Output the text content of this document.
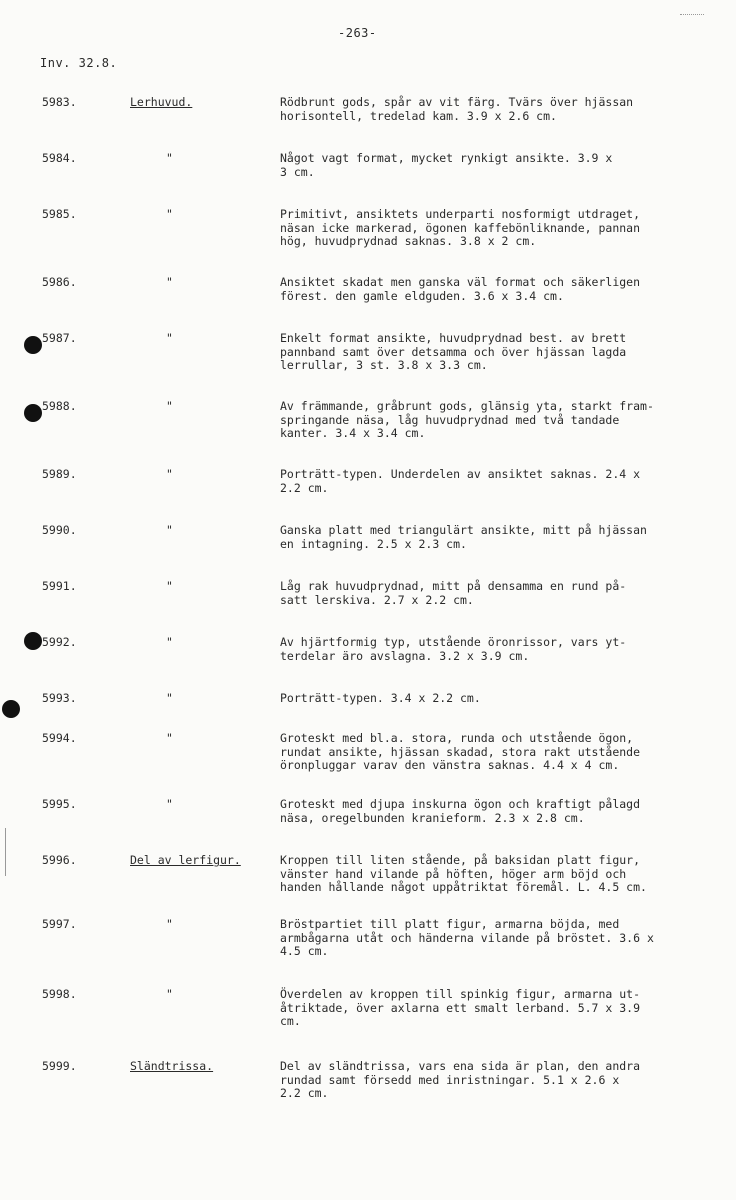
-263-
Inv. 32.8.
5983.	Lerhuvud.	Rödbrunt gods, spår av vit färg. Tvärs över hjässan
horisontell, tredelad kam. 3.9 x 2.6 cm.
5984.	"	Något vagt format, mycket rynkigt ansikte. 3.9 x
3 cm.
5985.	"	Primitivt, ansiktets underparti nosformigt utdraget,
näsan icke markerad, ögonen kaffebönliknande, pannan
hög, huvudprydnad saknas. 3.8 x 2 cm.
5986.	"	Ansiktet skadat men ganska väl format och säkerligen
förest. den gamle eldguden. 3.6 x 3.4 cm.
5987.	"	Enkelt format ansikte, huvudprydnad best. av brett
pannband samt över detsamma och över hjässan lagda
lerrullar, 3 st. 3.8 x 3.3 cm.
5988.	"	Av främmande, gråbrunt gods, glänsig yta, starkt fram-
springande näsa, låg huvudprydnad med två tandade
kanter. 3.4 x 3.4 cm.
5989.	"	Porträtt-typen. Underdelen av ansiktet saknas. 2.4 x
2.2 cm.
5990.	"	Ganska platt med triangulärt ansikte, mitt på hjässan
en intagning. 2.5 x 2.3 cm.
5991.	"	Låg rak huvudprydnad, mitt på densamma en rund på-
satt lerskiva. 2.7 x 2.2 cm.
5992.	"	Av hjärtformig typ, utstående öronrissor, vars yt-
terdelar äro avslagna. 3.2 x 3.9 cm.
5993.	"	Porträtt-typen. 3.4 x 2.2 cm.
5994.	"	Groteskt med bl.a. stora, runda och utstående ögon,
rundat ansikte, hjässan skadad, stora rakt utstående
öronpluggar varav den vänstra saknas. 4.4 x 4 cm.
5995.	"	Groteskt med djupa inskurna ögon och kraftigt pålagd
näsa, oregelbunden kranieform. 2.3 x 2.8 cm.
5996.	Del av lerfigur.	Kroppen till liten stående, på baksidan platt figur,
vänster hand vilande på höften, höger arm böjd och
handen hållande något uppåtriktat föremål. L. 4.5 cm.
5997.	"	Bröstpartiet till platt figur, armarna böjda, med
armbågarna utåt och händerna vilande på bröstet. 3.6 x
4.5 cm.
5998.	"	Överdelen av kroppen till spinkig figur, armarna ut-
åtriktade, över axlarna ett smalt lerband. 5.7 x 3.9
cm.
5999.	Sländtrissa.	Del av sländtrissa, vars ena sida är plan, den andra
rundad samt försedd med inristningar. 5.1 x 2.6 x
2.2 cm.
